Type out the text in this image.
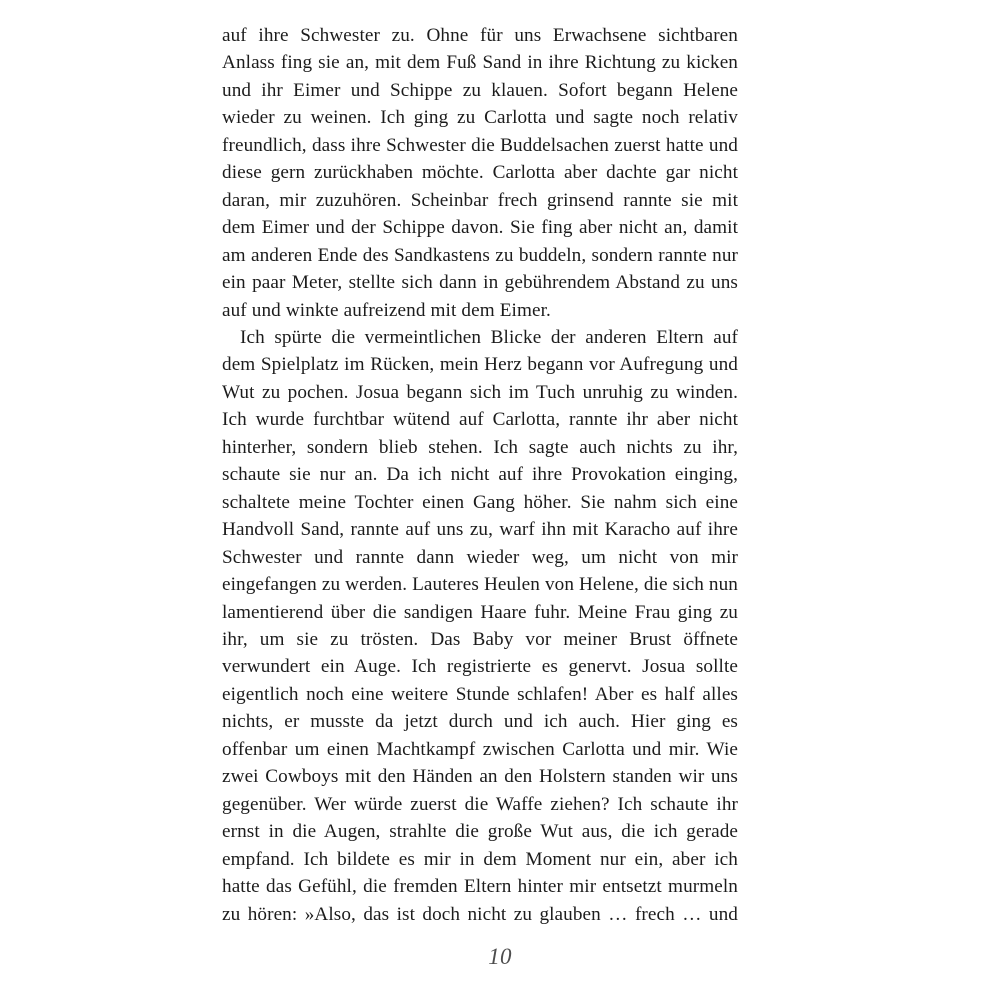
auf ihre Schwester zu. Ohne für uns Erwachsene sichtbaren Anlass fing sie an, mit dem Fuß Sand in ihre Richtung zu kicken und ihr Eimer und Schippe zu klauen. Sofort begann Helene wieder zu weinen. Ich ging zu Carlotta und sagte noch relativ freundlich, dass ihre Schwester die Buddelsachen zuerst hatte und diese gern zurückhaben möchte. Carlotta aber dachte gar nicht daran, mir zuzuhören. Scheinbar frech grinsend rannte sie mit dem Eimer und der Schippe davon. Sie fing aber nicht an, damit am anderen Ende des Sandkastens zu buddeln, sondern rannte nur ein paar Meter, stellte sich dann in gebührendem Abstand zu uns auf und winkte aufreizend mit dem Eimer.

Ich spürte die vermeintlichen Blicke der anderen Eltern auf dem Spielplatz im Rücken, mein Herz begann vor Aufregung und Wut zu pochen. Josua begann sich im Tuch unruhig zu winden. Ich wurde furchtbar wütend auf Carlotta, rannte ihr aber nicht hinterher, sondern blieb stehen. Ich sagte auch nichts zu ihr, schaute sie nur an. Da ich nicht auf ihre Provokation einging, schaltete meine Tochter einen Gang höher. Sie nahm sich eine Handvoll Sand, rannte auf uns zu, warf ihn mit Karacho auf ihre Schwester und rannte dann wieder weg, um nicht von mir eingefangen zu werden. Lauteres Heulen von Helene, die sich nun lamentierend über die sandigen Haare fuhr. Meine Frau ging zu ihr, um sie zu trösten. Das Baby vor meiner Brust öffnete verwundert ein Auge. Ich registrierte es genervt. Josua sollte eigentlich noch eine weitere Stunde schlafen! Aber es half alles nichts, er musste da jetzt durch und ich auch. Hier ging es offenbar um einen Machtkampf zwischen Carlotta und mir. Wie zwei Cowboys mit den Händen an den Holstern standen wir uns gegenüber. Wer würde zuerst die Waffe ziehen? Ich schaute ihr ernst in die Augen, strahlte die große Wut aus, die ich gerade empfand. Ich bildete es mir in dem Moment nur ein, aber ich hatte das Gefühl, die fremden Eltern hinter mir entsetzt murmeln zu hören: »Also, das ist doch nicht zu glauben … frech … und

10
